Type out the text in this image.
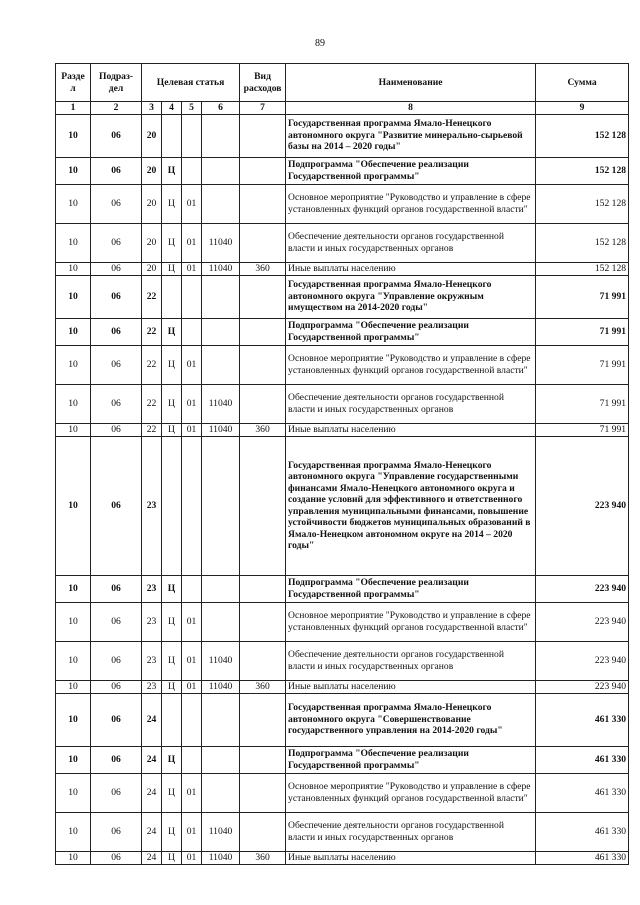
89
Разде л	Подраз-дел	Целевая статья				Вид расходов	Наименование	Сумма
1	2	3	4	5	6	7	8	9
10	06	20					Государственная программа Ямало-Ненецкого автономного округа "Развитие минерально-сырьевой базы на 2014 – 2020 годы"	152 128
10	06	20	Ц				Подпрограмма "Обеспечение реализации Государственной программы"	152 128
10	06	20	Ц	01			Основное мероприятие "Руководство и управление в сфере установленных функций органов государственной власти"	152 128
10	06	20	Ц	01	11040		Обеспечение деятельности органов государственной власти и иных государственных органов	152 128
10	06	20	Ц	01	11040	360	Иные выплаты населению	152 128
10	06	22					Государственная программа Ямало-Ненецкого автономного округа "Управление окружным имуществом на 2014-2020 годы"	71 991
10	06	22	Ц				Подпрограмма "Обеспечение реализации Государственной программы"	71 991
10	06	22	Ц	01			Основное мероприятие "Руководство и управление в сфере установленных функций органов государственной власти"	71 991
10	06	22	Ц	01	11040		Обеспечение деятельности органов государственной власти и иных государственных органов	71 991
10	06	22	Ц	01	11040	360	Иные выплаты населению	71 991
10	06	23					Государственная программа Ямало-Ненецкого автономного округа "Управление государственными финансами Ямало-Ненецкого автономного округа и создание условий для эффективного и ответственного управления муниципальными финансами, повышение устойчивости бюджетов муниципальных образований в Ямало-Ненецком автономном округе на 2014 – 2020 годы"	223 940
10	06	23	Ц				Подпрограмма "Обеспечение реализации Государственной программы"	223 940
10	06	23	Ц	01			Основное мероприятие "Руководство и управление в сфере установленных функций органов государственной власти"	223 940
10	06	23	Ц	01	11040		Обеспечение деятельности органов государственной власти и иных государственных органов	223 940
10	06	23	Ц	01	11040	360	Иные выплаты населению	223 940
10	06	24					Государственная программа Ямало-Ненецкого автономного округа "Совершенствование государственного управления на 2014-2020 годы"	461 330
10	06	24	Ц				Подпрограмма "Обеспечение реализации Государственной программы"	461 330
10	06	24	Ц	01			Основное мероприятие "Руководство и управление в сфере установленных функций органов государственной власти"	461 330
10	06	24	Ц	01	11040		Обеспечение деятельности органов государственной власти и иных государственных органов	461 330
10	06	24	Ц	01	11040	360	Иные выплаты населению	461 330
